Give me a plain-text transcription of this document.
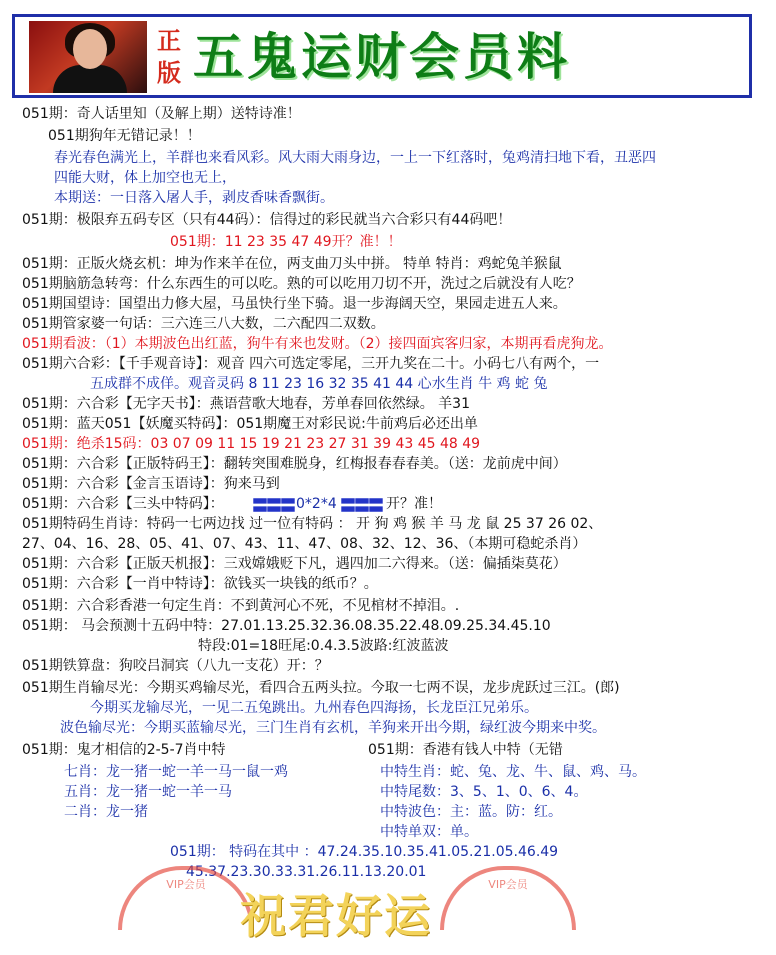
正版 五鬼运财会员料
051期：奇人话里知（及解上期）送特诗准！
051期狗年无错记录！！
春光春色满光上，羊群也来看风彩。风大雨大雨身边，一上一下红落时，兔鸡清扫地下看，丑恶四
四能大财，体上加空也无上，
本期送：一日落入屠人手，剥皮香味香飘街。
051期：极限弃五码专区（只有44码）：信得过的彩民就当六合彩只有44码吧！
051期：11 23 35 47 49开？准！！
051期：正版火烧玄机：坤为作来羊在位，两支曲刀头中拼。 特单 特肖：鸡蛇兔羊猴鼠
051期脑筋急转弯：什么东西生的可以吃。熟的可以吃用刀切不开，洗过之后就没有人吃？
051期国望诗：国望出力修大屋，马虽快行坐下骑。退一步海阔天空，果园走进五人来。
051期管家婆一句话：三六连三八大数，二六配四二双数。
051期看波：（1）本期波色出红蓝，狗牛有来也发财。（2）接四面宾客归家，本期再看虎狗龙。
051期六合彩：【千手观音诗】：观音 四六可选定零尾，三开九奖在二十。小码七八有两个，一
五成群不成佯。观音灵码 8 11 23 16 32 35 41 44 心水生肖 牛 鸡 蛇 兔
051期：六合彩【无字天书】：燕语营歌大地春，芳单春回依然绿。 羊31
051期：蓝天051【妖魔买特码】：051期魔王对彩民说:牛前鸡后必还出单
051期：绝杀15码：03 07 09 11 15 19 21 23 27 31 39 43 45 48 49
051期：六合彩【正版特码王】：翻转突围难脱身，红梅报春春春美。（送：龙前虎中间）
051期：六合彩【金言玉语诗】：狗来马到
051期：六合彩【三头中特码】： 〓〓〓 0*2*4 〓〓〓 开？准！
051期特码生肖诗：特码一七两边找 过一位有特码 ： 开 狗 鸡 猴 羊 马 龙 鼠 25 37 26 02、
27、04、16、28、05、41、07、43、11、47、08、32、12、36、（本期可稳蛇杀肖）
051期：六合彩【正版天机报】：三戏嫦娥贬下凡，遇四加二六得来。（送：偏插柒莫花）
051期：六合彩【一肖中特诗】：欲钱买一块钱的纸币？。
051期：六合彩香港一句定生肖：不到黄河心不死，不见棺材不掉泪。.
051期： 马会预测十五码中特：27.01.13.25.32.36.08.35.22.48.09.25.34.45.10
特段:01=18旺尾:0.4.3.5波路:红波蓝波
051期铁算盘：狗咬吕洞宾（八九一支花）开：？
051期生肖输尽光：今期买鸡输尽光，看四合五两头拉。今取一七两不误，龙步虎跃过三江。(郎)
今期买龙输尽光，一见二五兔跳出。九州春色四海扬，长龙臣江兄弟乐。
波色输尽光：今期买蓝输尽光，三门生肖有玄机，羊狗来开出今期，绿红波今期来中奖。
051期：鬼才相信的2-5-7肖中特
七肖：龙一猪一蛇一羊一马一鼠一鸡
五肖：龙一猪一蛇一羊一马
二肖：龙一猪
051期：香港有钱人中特（无错
中特生肖：蛇、兔、龙、牛、鼠、鸡、马。
中特尾数：3、5、1、0、6、4。
中特波色：主：蓝。防：红。
中特单双：单。
051期： 特码在其中 ：47.24.35.10.35.41.05.21.05.46.49
45.37.23.30.33.31.26.11.13.20.01
VIP会员	VIP会员
祝君好运
